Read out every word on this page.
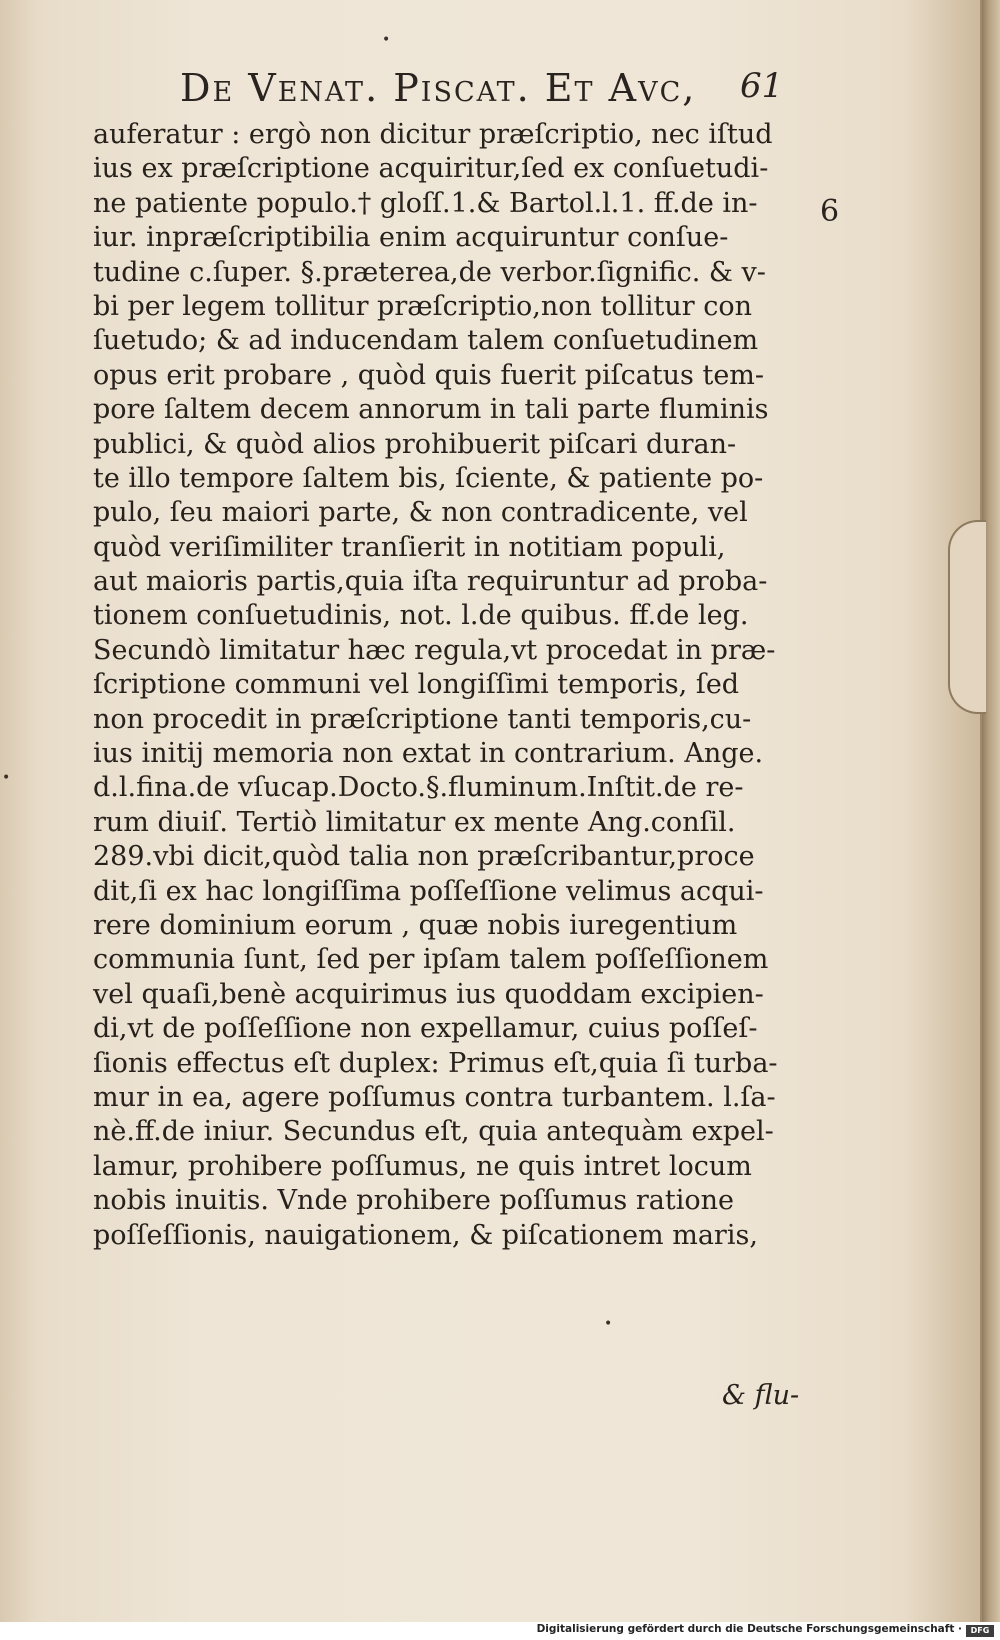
De Venat. Piscat. Et Avc, 61
6
auferatur : ergò non dicitur præſcriptio, nec iſtud
ius ex præſcriptione acquiritur,ſed ex conſuetudi-
ne patiente populo.† gloſſ.1.& Bartol.l.1. ff.de in-
iur. inpræſcriptibilia enim acquiruntur conſue-
tudine c.ſuper. §.præterea,de verbor.ſignific. & v-
bi per legem tollitur præſcriptio,non tollitur con
ſuetudo; & ad inducendam talem conſuetudinem
opus erit probare , quòd quis fuerit piſcatus tem-
pore ſaltem decem annorum in tali parte fluminis
publici, & quòd alios prohibuerit piſcari duran-
te illo tempore ſaltem bis, ſciente, & patiente po-
pulo, ſeu maiori parte, & non contradicente, vel
quòd veriſimiliter tranſierit in notitiam populi,
aut maioris partis,quia iſta requiruntur ad proba-
tionem conſuetudinis, not. l.de quibus. ff.de leg.
Secundò limitatur hæc regula,vt procedat in præ-
ſcriptione communi vel longiſſimi temporis, ſed
non procedit in præſcriptione tanti temporis,cu-
ius initij memoria non extat in contrarium. Ange.
d.l.fina.de vſucap.Docto.§.fluminum.Inſtit.de re-
rum diuiſ. Tertiò limitatur ex mente Ang.conſil.
289.vbi dicit,quòd talia non præſcribantur,proce
dit,ſi ex hac longiſſima poſſeſſione velimus acqui-
rere dominium eorum , quæ nobis iuregentium
communia ſunt, ſed per ipſam talem poſſeſſionem
vel quaſi,benè acquirimus ius quoddam excipien-
di,vt de poſſeſſione non expellamur, cuius poſſeſ-
ſionis effectus eſt duplex: Primus eſt,quia ſi turba-
mur in ea, agere poſſumus contra turbantem. l.ſa-
nè.ff.de iniur. Secundus eſt, quia antequàm expel-
lamur, prohibere poſſumus, ne quis intret locum
nobis inuitis. Vnde prohibere poſſumus ratione
poſſeſſionis, nauigationem, & piſcationem maris,
& flu-
•
•
•
Digitalisierung gefördert durch die Deutsche Forschungsgemeinschaft ·	DFG
